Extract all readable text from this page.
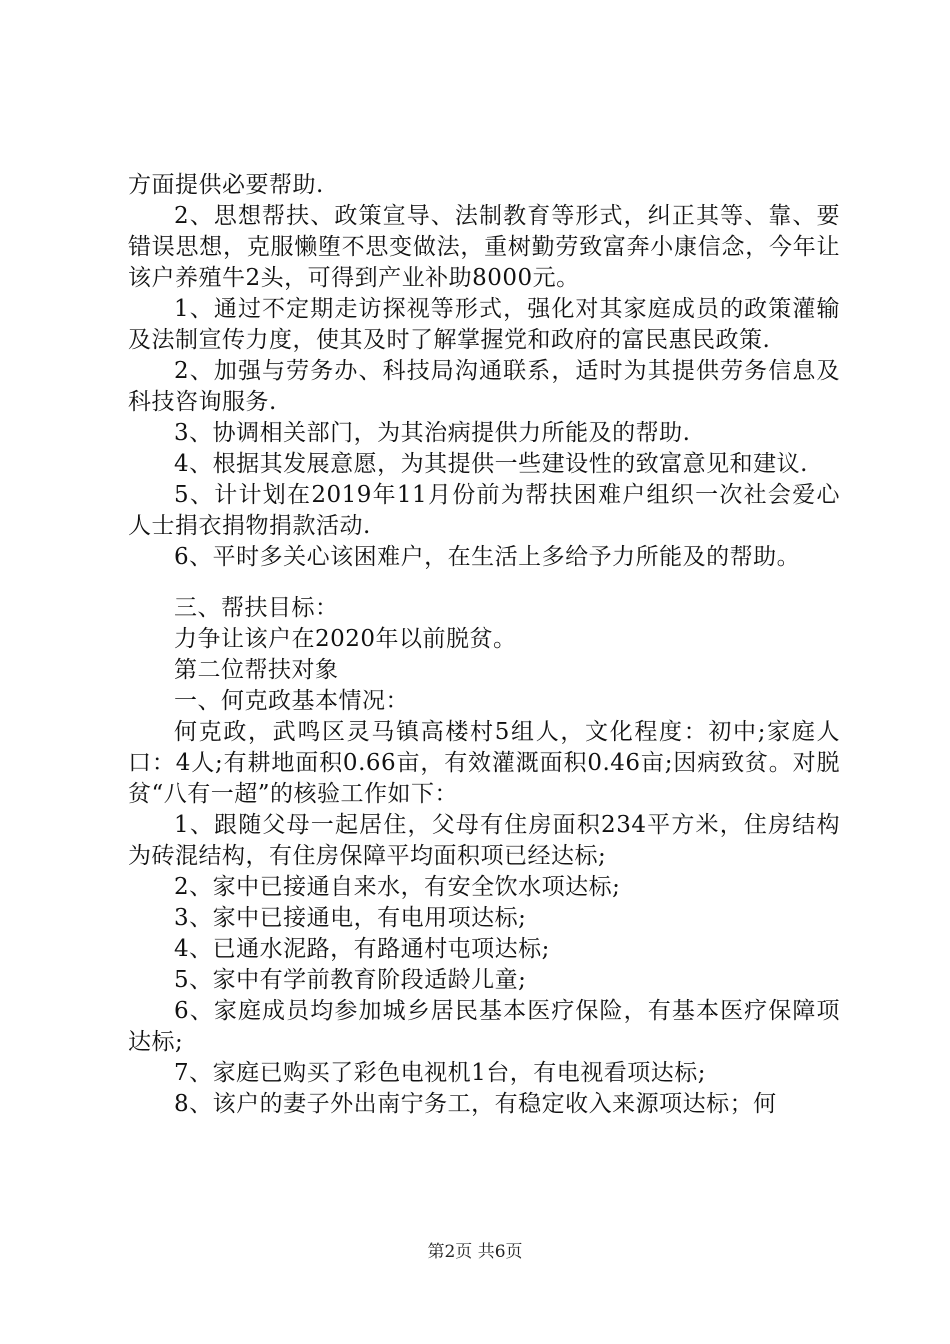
方面提供必要帮助.

2、思想帮扶、政策宣导、法制教育等形式，纠正其等、靠、要错误思想，克服懒堕不思变做法，重树勤劳致富奔小康信念，今年让该户养殖牛2头，可得到产业补助8000元。

1、通过不定期走访探视等形式，强化对其家庭成员的政策灌输及法制宣传力度，使其及时了解掌握党和政府的富民惠民政策.

2、加强与劳务办、科技局沟通联系，适时为其提供劳务信息及科技咨询服务.

3、协调相关部门，为其治病提供力所能及的帮助.

4、根据其发展意愿，为其提供一些建设性的致富意见和建议.

5、计计划在2019年11月份前为帮扶困难户组织一次社会爱心人士捐衣捐物捐款活动.

6、平时多关心该困难户，在生活上多给予力所能及的帮助。

三、帮扶目标：

力争让该户在2020年以前脱贫。

第二位帮扶对象

一、何克政基本情况：

何克政，武鸣区灵马镇高楼村5组人，文化程度：初中;家庭人口：4人;有耕地面积0.66亩，有效灌溉面积0.46亩;因病致贫。对脱贫“八有一超”的核验工作如下：

1、跟随父母一起居住，父母有住房面积234平方米，住房结构为砖混结构，有住房保障平均面积项已经达标;

2、家中已接通自来水，有安全饮水项达标;

3、家中已接通电，有电用项达标;

4、已通水泥路，有路通村屯项达标;

5、家中有学前教育阶段适龄儿童;

6、家庭成员均参加城乡居民基本医疗保险，有基本医疗保障项达标;

7、家庭已购买了彩色电视机1台，有电视看项达标;

8、该户的妻子外出南宁务工，有稳定收入来源项达标；何

第2页 共6页
